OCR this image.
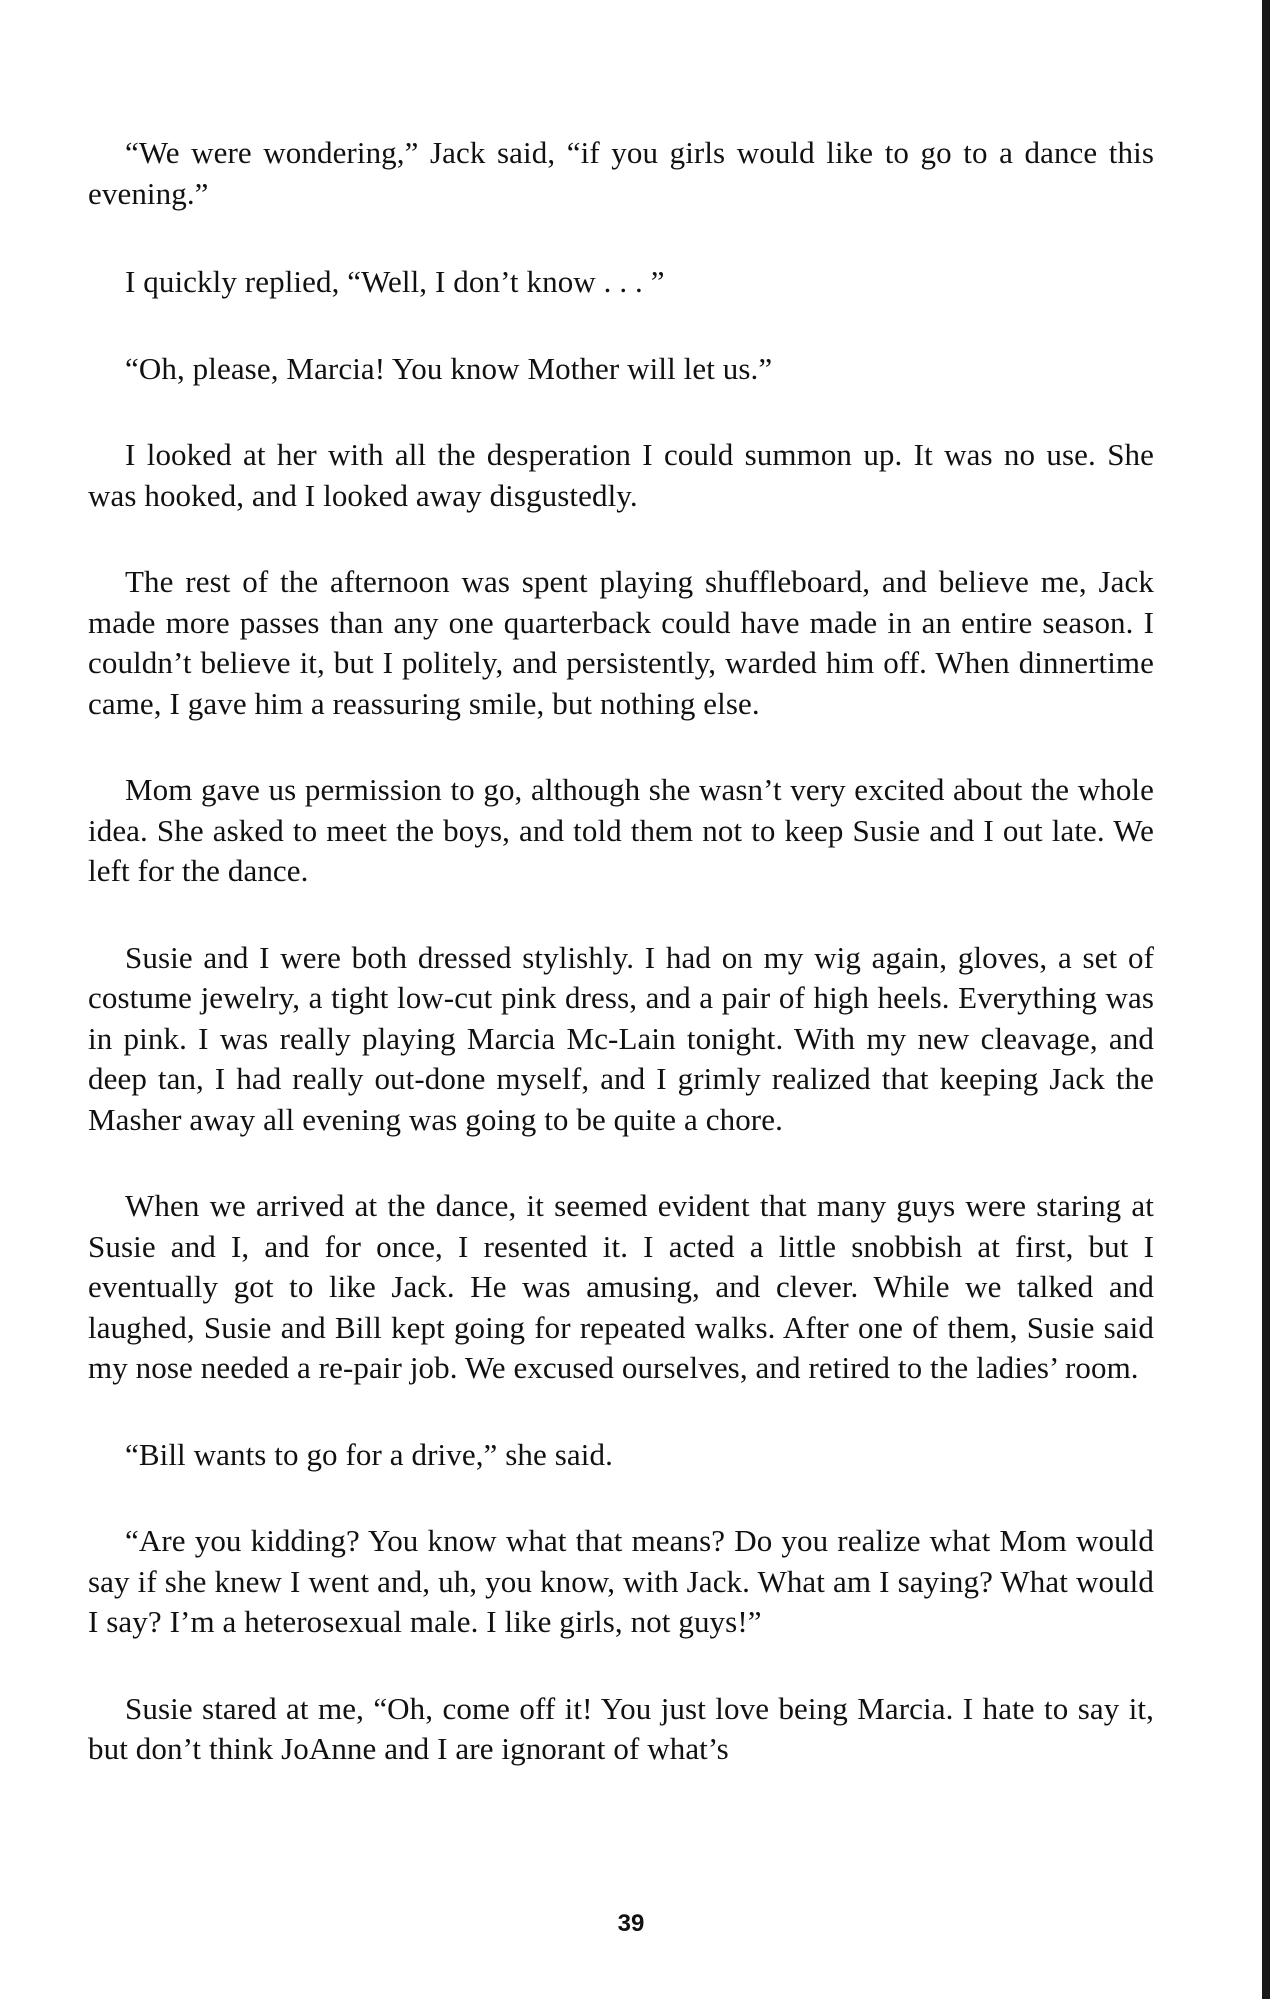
“We were wondering,” Jack said, “if you girls would like to go to a dance this evening.”

I quickly replied, “Well, I don’t know . . . ”

“Oh, please, Marcia! You know Mother will let us.”

I looked at her with all the desperation I could summon up. It was no use. She was hooked, and I looked away disgustedly.

The rest of the afternoon was spent playing shuffleboard, and believe me, Jack made more passes than any one quarterback could have made in an entire season. I couldn’t believe it, but I politely, and persistently, warded him off. When dinnertime came, I gave him a reassuring smile, but nothing else.

Mom gave us permission to go, although she wasn’t very excited about the whole idea. She asked to meet the boys, and told them not to keep Susie and I out late. We left for the dance.

Susie and I were both dressed stylishly. I had on my wig again, gloves, a set of costume jewelry, a tight low-cut pink dress, and a pair of high heels. Everything was in pink. I was really playing Marcia Mc-Lain tonight. With my new cleavage, and deep tan, I had really out-done myself, and I grimly realized that keeping Jack the Masher away all evening was going to be quite a chore.

When we arrived at the dance, it seemed evident that many guys were staring at Susie and I, and for once, I resented it. I acted a little snobbish at first, but I eventually got to like Jack. He was amusing, and clever. While we talked and laughed, Susie and Bill kept going for repeated walks. After one of them, Susie said my nose needed a re-pair job. We excused ourselves, and retired to the ladies’ room.

“Bill wants to go for a drive,” she said.

“Are you kidding? You know what that means? Do you realize what Mom would say if she knew I went and, uh, you know, with Jack. What am I saying? What would I say? I’m a heterosexual male. I like girls, not guys!”

Susie stared at me, “Oh, come off it! You just love being Marcia. I hate to say it, but don’t think JoAnne and I are ignorant of what’s

39
